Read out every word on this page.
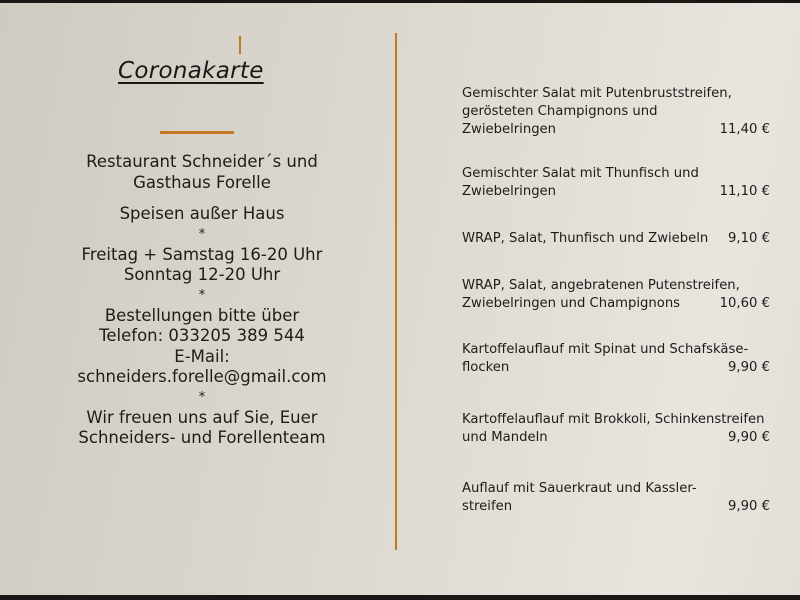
Coronakarte
Restaurant Schneider´s und
Gasthaus Forelle
Speisen außer Haus
*
Freitag + Samstag 16-20 Uhr
Sonntag 12-20 Uhr
*
Bestellungen bitte über
Telefon: 033205 389 544
E-Mail:
schneiders.forelle@gmail.com
*
Wir freuen uns auf Sie, Euer
Schneiders- und Forellenteam
Gemischter Salat mit Putenbruststreifen,
gerösteten Champignons und
Zwiebelringen	11,40 €
Gemischter Salat mit Thunfisch und
Zwiebelringen	11,10 €
WRAP, Salat, Thunfisch und Zwiebeln	9,10 €
WRAP, Salat, angebratenen Putenstreifen,
Zwiebelringen und Champignons	10,60 €
Kartoffelauflauf mit Spinat und Schafskäse-
flocken	9,90 €
Kartoffelauflauf mit Brokkoli, Schinkenstreifen
und Mandeln	9,90 €
Auflauf mit Sauerkraut und Kassler-
streifen	9,90 €
